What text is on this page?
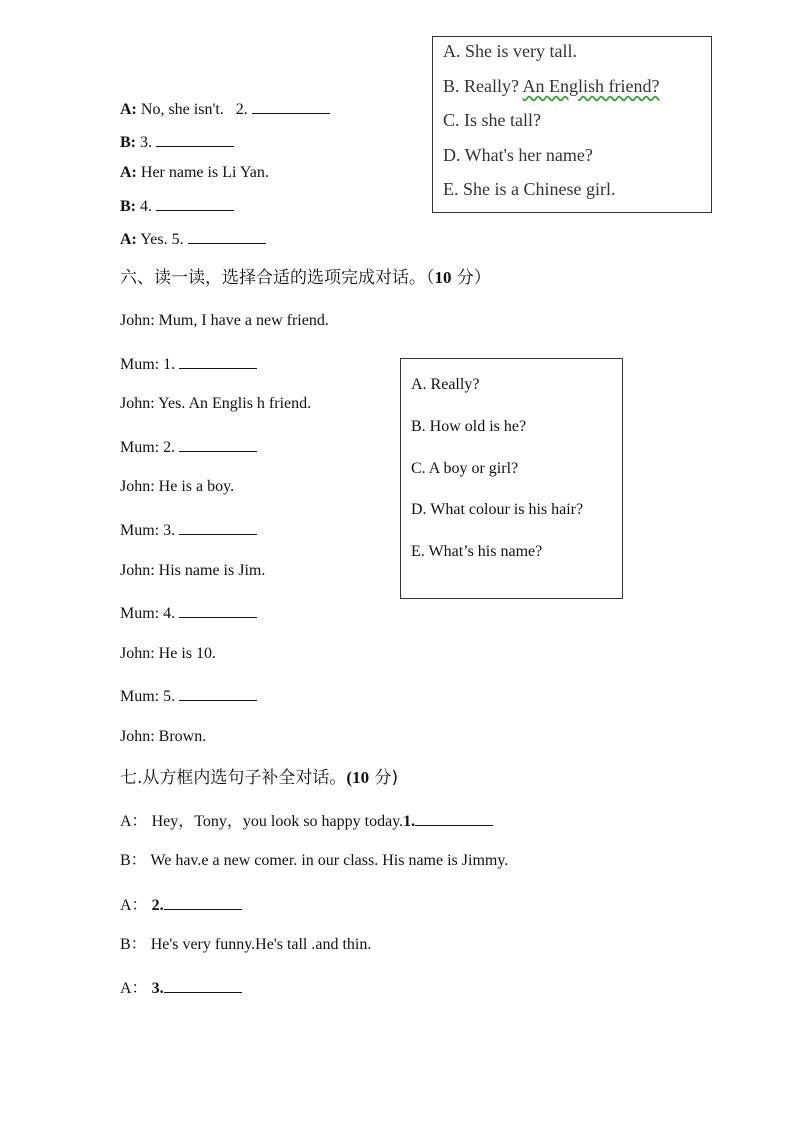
A: No, she isn't. 2.
B: 3.
A: Her name is Li Yan.
B: 4.
A: Yes. 5.
A. She is very tall.
B. Really? An English friend?
C. Is she tall?
D. What's her name?
E. She is a Chinese girl.
六、读一读，选择合适的选项完成对话。（10 分）
John: Mum, I have a new friend.
Mum: 1.
John: Yes. An Englis h friend.
Mum: 2.
John: He is a boy.
Mum: 3.
John: His name is Jim.
Mum: 4.
John: He is 10.
Mum: 5.
John: Brown.
A. Really?
B. How old is he?
C. A boy or girl?
D. What colour is his hair?
E. What’s his name?
七.从方框内选句子补全对话。(10 分)
A： Hey，Tony，you look so happy today.1.
B： We hav.e a new comer. in our class. His name is Jimmy.
A： 2.
B： He's very funny.He's tall .and thin.
A： 3.
